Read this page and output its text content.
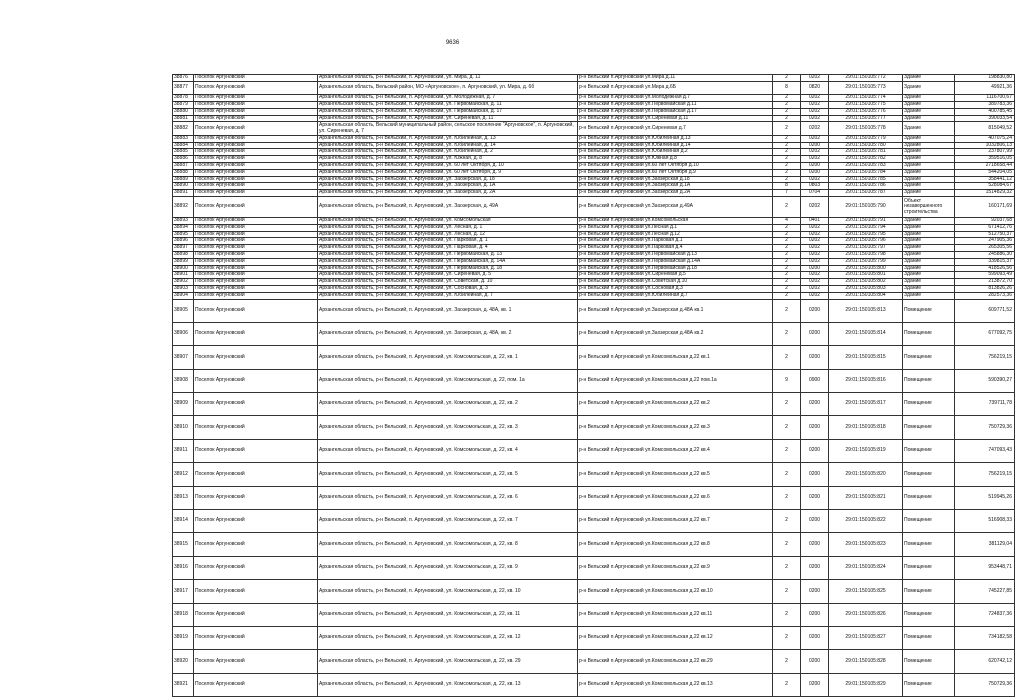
9636
38876	Поселок Аргуновский	Архангельская область, р-н Вельский, п. Аргуновский, ул. Мира, д. 11	р-н Вельский п.Аргуновский ул.Мира д.11	2	0202	29:01:150105:772	Здание	198830,80
38877	Поселок Аргуновский	Архангельская область, Вельский район, МО «Аргуновское», п. Аргуновский, ул. Мира, д. 6б	р-н Вельский п.Аргуновский ул.Мира д.6Б	8	0820	29:01:150105:773	Здание	49921,36
38878	Поселок Аргуновский	Архангельская область, р-н Вельский, п. Аргуновский, ул. Молодежная, д. 7	р-н Вельский п.Аргуновский ул.Молодежная д.7	2	0202	29:01:150105:774	Здание	1116700,67
38879	Поселок Аргуновский	Архангельская область, р-н Вельский, п. Аргуновский, ул. Первомайская, д. 11	р-н Вельский п.Аргуновский ул.Первомайская д.11	2	0202	29:01:150105:775	Здание	389783,36
38880	Поселок Аргуновский	Архангельская область, р-н Вельский, п. Аргуновский, ул. Первомайская, д. 17	р-н Вельский п.Аргуновский ул.Первомайская д.17	2	0202	29:01:150105:776	Здание	400785,45
38881	Поселок Аргуновский	Архангельская область, р-н Вельский, п. Аргуновский, ул. Сиреневая, д. 11	р-н Вельский п.Аргуновский ул.Сиреневая д.11	2	0202	29:01:150105:777	Здание	390033,54
38882	Поселок Аргуновский	Архангельская область, Вельский муниципальный район, сельское поселение "Аргуновское", п. Аргуновский, ул. Сиреневая, д. 7	р-н Вельский п.Аргуновский ул.Сиреневая д.7	2	0202	29:01:150105:778	Здание	815049,52
38883	Поселок Аргуновский	Архангельская область, р-н Вельский, п. Аргуновский, ул. Юбилейная, д. 13	р-н Вельский п.Аргуновский ул.Юбилейная д.13	2	0202	29:01:150105:779	Здание	407075,24
38884	Поселок Аргуновский	Архангельская область, р-н Вельский, п. Аргуновский, ул. Юбилейная, д. 14	р-н Вельский п.Аргуновский ул.Юбилейная д.14	2	0200	29:01:150105:780	Здание	1032806,13
38885	Поселок Аргуновский	Архангельская область, р-н Вельский, п. Аргуновский, ул. Юбилейная, д. 2	р-н Вельский п.Аргуновский ул.Юбилейная д.2	2	0202	29:01:150105:781	Здание	237807,99
38886	Поселок Аргуновский	Архангельская область, р-н Вельский, п. Аргуновский, ул. Южная, д. 8	р-н Вельский п.Аргуновский ул.Южная д.8	2	0202	29:01:150105:782	Здание	359516,05
38887	Поселок Аргуновский	Архангельская область, р-н Вельский, п. Аргуновский, ул. 60 лет Октября, д. 10	р-н Вельский п.Аргуновский ул.60 лет Октября д.10	2	0200	29:01:150105:783	Здание	2718658,44
38888	Поселок Аргуновский	Архангельская область, р-н Вельский, п. Аргуновский, ул. 60 лет Октября, д. 9	р-н Вельский п.Аргуновский ул.60 лет Октября д.9	2	0200	29:01:150105:784	Здание	544204,05
38889	Поселок Аргуновский	Архангельская область, р-н Вельский, п. Аргуновский, ул. Заозерская, д. 18	р-н Вельский п.Аргуновский ул.Заозерская д.18	2	0202	29:01:150105:785	Здание	358441,12
38890	Поселок Аргуновский	Архангельская область, р-н Вельский, п. Аргуновский, ул. Заозерская, д. 1А	р-н Вельский п.Аргуновский ул.Заозерская д.1А	8	0803	29:01:150105:786	Здание	528084,67
38891	Поселок Аргуновский	Архангельская область, р-н Вельский, п. Аргуновский, ул. Заозерская, д. 2А	р-н Вельский п.Аргуновский ул.Заозерская д.2А	7	0704	29:01:150105:787	Здание	1514829,32
38892	Поселок Аргуновский	Архангельская область, р-н Вельский, п. Аргуновский, ул. Заозерская, д. 49А	р-н Вельский п.Аргуновский ул.Заозерская д.49А	2	0202	29:01:150105:790	Объект незавершенного строительства	160171,69
38893	Поселок Аргуновский	Архангельская область, р-н Вельский, п. Аргуновский, ул. Комсомольская	р-н Вельский п.Аргуновский ул.Комсомольская	4	0401	29:01:150105:791	Здание	92037,68
38894	Поселок Аргуновский	Архангельская область, р-н Вельский, п. Аргуновский, ул. Лесная, д. 1	р-н Вельский п.Аргуновский ул.Лесная д.1	2	0202	29:01:150105:794	Здание	671412,76
38895	Поселок Аргуновский	Архангельская область, р-н Вельский, п. Аргуновский, ул. Лесная, д. 12	р-н Вельский п.Аргуновский ул.Лесная д.12	2	0202	29:01:150105:795	Здание	512750,37
38896	Поселок Аргуновский	Архангельская область, р-н Вельский, п. Аргуновский, ул. Парковая, д. 1	р-н Вельский п.Аргуновский ул.Парковая д.1	2	0202	29:01:150105:796	Здание	247905,36
38897	Поселок Аргуновский	Архангельская область, р-н Вельский, п. Аргуновский, ул. Парковая, д. 4	р-н Вельский п.Аргуновский ул.Парковая д.4	2	0202	29:01:150105:797	Здание	265305,56
38898	Поселок Аргуновский	Архангельская область, р-н Вельский, п. Аргуновский, ул. Первомайская, д. 13	р-н Вельский п.Аргуновский ул.Первомайская д.13	2	0202	29:01:150105:798	Здание	245886,30
38899	Поселок Аргуновский	Архангельская область, р-н Вельский, п. Аргуновский, ул. Первомайская, д. 14А	р-н Вельский п.Аргуновский ул.Первомайская д.14А	2	0202	29:01:150105:799	Здание	339815,37
38900	Поселок Аргуновский	Архангельская область, р-н Вельский, п. Аргуновский, ул. Первомайская, д. 18	р-н Вельский п.Аргуновский ул.Первомайская д.18	2	0200	29:01:150105:800	Здание	418526,56
38901	Поселок Аргуновский	Архангельская область, р-н Вельский, п. Аргуновский, ул. Сиреневая, д. 5	р-н Вельский п.Аргуновский ул.Сиреневая д.5	2	0202	29:01:150105:801	Здание	599093,49
38902	Поселок Аргуновский	Архангельская область, р-н Вельский, п. Аргуновский, ул. Советская, д. 10	р-н Вельский п.Аргуновский ул.Советская д.10	2	0202	29:01:150105:802	Здание	213872,70
38903	Поселок Аргуновский	Архангельская область, р-н Вельский, п. Аргуновский, ул. Сосновая, д. 3	р-н Вельский п.Аргуновский ул.Сосновая д.3	2	0202	29:01:150105:803	Здание	813826,26
38904	Поселок Аргуновский	Архангельская область, р-н Вельский, п. Аргуновский, ул. Юбилейная, д. 7	р-н Вельский п.Аргуновский ул.Юбилейная д.7	2	0202	29:01:150105:804	Здание	282573,36
38905	Поселок Аргуновский	Архангельская область, р-н Вельский, п. Аргуновский, ул. Заозерская, д. 48А, кв. 1	р-н Вельский п.Аргуновский ул.Заозерская д.48А кв.1	2	0200	29:01:150105:813	Помещение	609771,52
38906	Поселок Аргуновский	Архангельская область, р-н Вельский, п. Аргуновский, ул. Заозерская, д. 48А, кв. 2	р-н Вельский п.Аргуновский ул.Заозерская д.48А кв.2	2	0200	29:01:150105:814	Помещение	677092,75
38907	Поселок Аргуновский	Архангельская область, р-н Вельский, п. Аргуновский, ул. Комсомольская, д. 22, кв. 1	р-н Вельский п.Аргуновский ул.Комсомольская д.22 кв.1	2	0200	29:01:150105:815	Помещение	756219,15
38908	Поселок Аргуновский	Архангельская область, р-н Вельский, п. Аргуновский, ул. Комсомольская, д. 22, пом. 1а	р-н Вельский п.Аргуновский ул.Комсомольская д.22 пом.1а	9	0900	29:01:150105:816	Помещение	590390,27
38909	Поселок Аргуновский	Архангельская область, р-н Вельский, п. Аргуновский, ул. Комсомольская, д. 22, кв. 2	р-н Вельский п.Аргуновский ул.Комсомольская д.22 кв.2	2	0200	29:01:150105:817	Помещение	739711,78
38910	Поселок Аргуновский	Архангельская область, р-н Вельский, п. Аргуновский, ул. Комсомольская, д. 22, кв. 3	р-н Вельский п.Аргуновский ул.Комсомольская д.22 кв.3	2	0200	29:01:150105:818	Помещение	750729,36
38911	Поселок Аргуновский	Архангельская область, р-н Вельский, п. Аргуновский, ул. Комсомольская, д. 22, кв. 4	р-н Вельский п.Аргуновский ул.Комсомольская д.22 кв.4	2	0200	29:01:150105:819	Помещение	747093,43
38912	Поселок Аргуновский	Архангельская область, р-н Вельский, п. Аргуновский, ул. Комсомольская, д. 22, кв. 5	р-н Вельский п.Аргуновский ул.Комсомольская д.22 кв.5	2	0200	29:01:150105:820	Помещение	756219,15
38913	Поселок Аргуновский	Архангельская область, р-н Вельский, п. Аргуновский, ул. Комсомольская, д. 22, кв. 6	р-н Вельский п.Аргуновский ул.Комсомольская д.22 кв.6	2	0200	29:01:150105:821	Помещение	519945,26
38914	Поселок Аргуновский	Архангельская область, р-н Вельский, п. Аргуновский, ул. Комсомольская, д. 22, кв. 7	р-н Вельский п.Аргуновский ул.Комсомольская д.22 кв.7	2	0200	29:01:150105:822	Помещение	516908,33
38915	Поселок Аргуновский	Архангельская область, р-н Вельский, п. Аргуновский, ул. Комсомольская, д. 22, кв. 8	р-н Вельский п.Аргуновский ул.Комсомольская д.22 кв.8	2	0200	29:01:150105:823	Помещение	381129,04
38916	Поселок Аргуновский	Архангельская область, р-н Вельский, п. Аргуновский, ул. Комсомольская, д. 22, кв. 9	р-н Вельский п.Аргуновский ул.Комсомольская д.22 кв.9	2	0200	29:01:150105:824	Помещение	953448,71
38917	Поселок Аргуновский	Архангельская область, р-н Вельский, п. Аргуновский, ул. Комсомольская, д. 22, кв. 10	р-н Вельский п.Аргуновский ул.Комсомольская д.22 кв.10	2	0200	29:01:150105:825	Помещение	745227,85
38918	Поселок Аргуновский	Архангельская область, р-н Вельский, п. Аргуновский, ул. Комсомольская, д. 22, кв. 11	р-н Вельский п.Аргуновский ул.Комсомольская д.22 кв.11	2	0200	29:01:150105:826	Помещение	724837,36
38919	Поселок Аргуновский	Архангельская область, р-н Вельский, п. Аргуновский, ул. Комсомольская, д. 22, кв. 12	р-н Вельский п.Аргуновский ул.Комсомольская д.22 кв.12	2	0200	29:01:150105:827	Помещение	734182,58
38920	Поселок Аргуновский	Архангельская область, р-н Вельский, п. Аргуновский, ул. Комсомольская, д. 22, кв. 29	р-н Вельский п.Аргуновский ул.Комсомольская д.22 кв.29	2	0200	29:01:150105:828	Помещение	620742,12
38921	Поселок Аргуновский	Архангельская область, р-н Вельский, п. Аргуновский, ул. Комсомольская, д. 22, кв. 13	р-н Вельский п.Аргуновский ул.Комсомольская д.22 кв.13	2	0200	29:01:150105:829	Помещение	750729,36
